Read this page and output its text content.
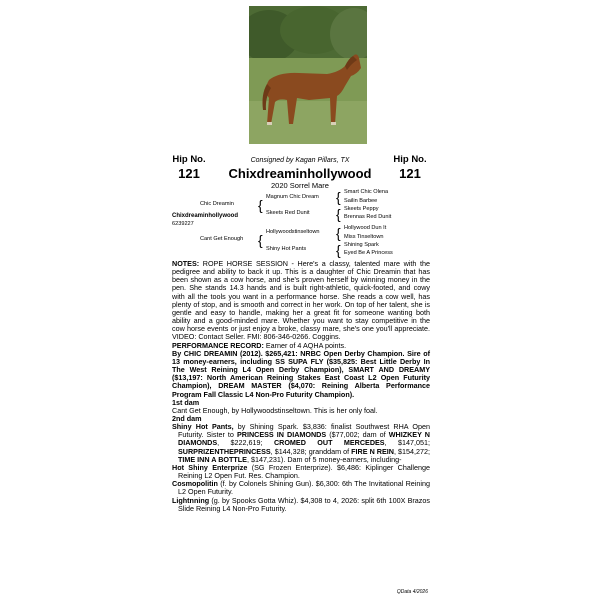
Hip No.
121
Hip No.
121
Consigned by Kagan Pillars, TX
Chixdreaminhollywood
2020 Sorrel Mare
Chic Dreamin
Chixdreaminhollywood
6239227
Cant Get Enough
{ Magnum Chic Dream
Skeets Red Dunit
{ Hollywoodstinseltown
Shiny Hot Pants
{ Smart Chic Olena
Sailin Barbee
{ Skeets Peppy
Brennas Red Dunit
{ Hollywood Dun It
Miss Tinseltown
{ Shining Spark
Eyed Be A Princess

NOTES: ROPE HORSE SESSION - Here's a classy, talented mare with the pedigree and ability to back it up. This is a daughter of Chic Dreamin that has been shown as a cow horse, and she's proven herself by winning money in the pen. She stands 14.3 hands and is built right-athletic, quick-footed, and cowy with all the tools you want in a performance horse. She reads a cow well, has plenty of stop, and is smooth and correct in her work. On top of her talent, she is gentle and easy to handle, making her a great fit for someone wanting both ability and a good-minded mare. Whether you want to stay competitive in the cow horse events or just enjoy a broke, classy mare, she's one you'll appreciate. VIDEO: Contact Seller. FMI: 806-346-0266. Coggins.

PERFORMANCE RECORD: Earner of 4 AQHA points.

By CHIC DREAMIN (2012). $265,421: NRBC Open Derby Champion. Sire of 13 money-earners, including SS SUPA FLY ($35,825: Best Little Derby In The West Reining L4 Open Derby Champion), SMART AND DREAMY ($13,197: North American Reining Stakes East Coast L2 Open Futurity Champion), DREAM MASTER ($4,070: Reining Alberta Performance Program Fall Classic L4 Non-Pro Futurity Champion).

1st dam

Cant Get Enough, by Hollywoodstinseltown. This is her only foal.

2nd dam

Shiny Hot Pants, by Shining Spark. $3,836: finalist Southwest RHA Open Futurity. Sister to PRINCESS IN DIAMONDS ($77,002; dam of WHIZKEY N DIAMONDS, $222,619; CROMED OUT MERCEDES, $147,051; SURPRIZENTHEPRINCESS, $144,328; granddam of FIRE N REIN, $154,272; TIME INN A BOTTLE, $147,231). Dam of 5 money-earners, including-

Hot Shiny Enterprize (SG Frozen Enterprize). $6,486: Kiplinger Challenge Reining L2 Open Fut. Res. Champion.

Cosmopolitin (f. by Colonels Shining Gun). $6,300: 6th The Invitational Reining L2 Open Futurity.

Lightnning (g. by Spooks Gotta Whiz). $4,308 to 4, 2026: split 6th 100X Brazos Slide Reining L4 Non-Pro Futurity.

QData 4/2026
